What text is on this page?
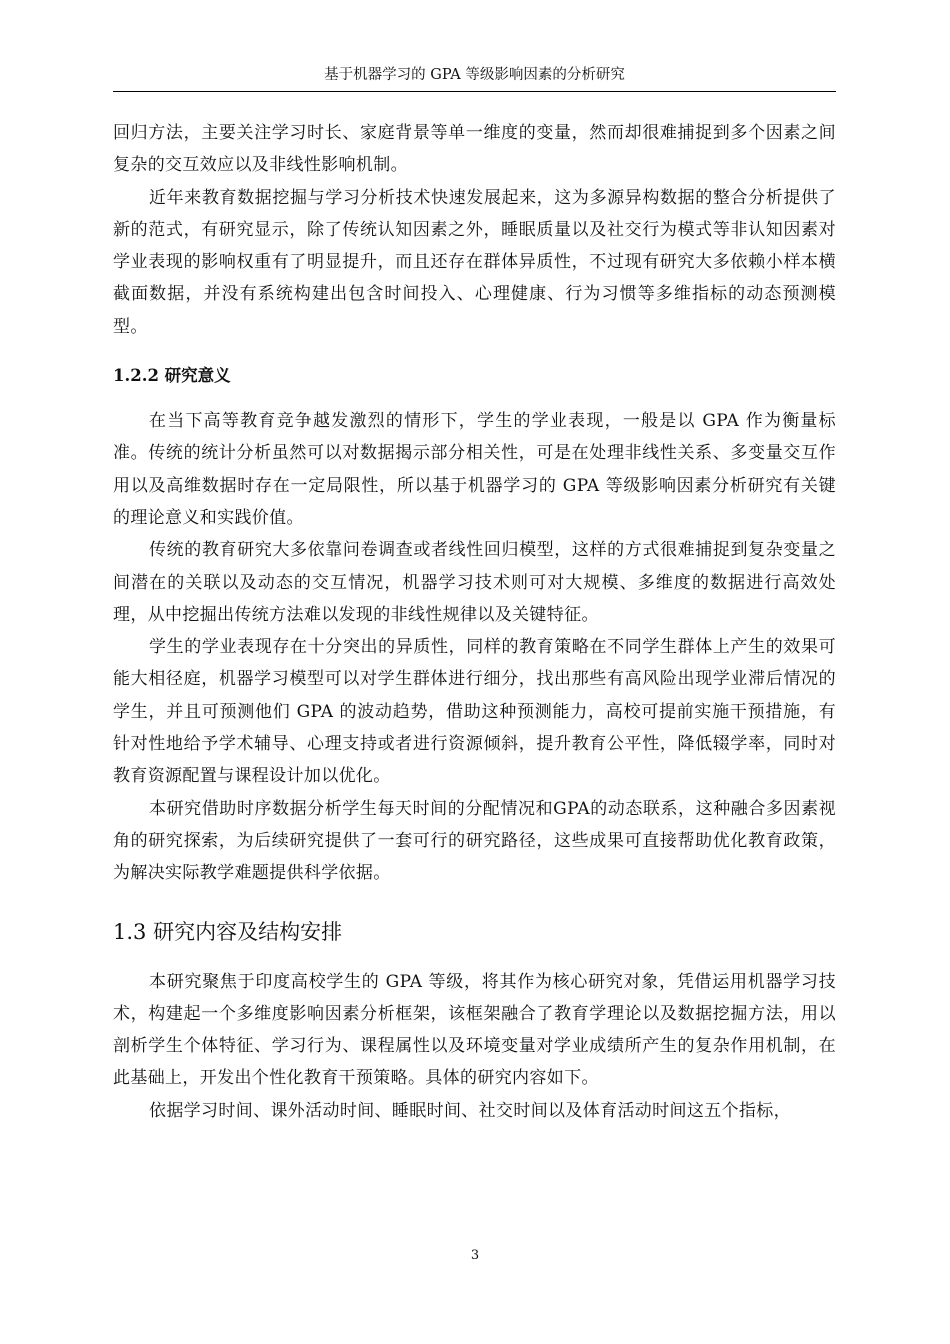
基于机器学习的 GPA 等级影响因素的分析研究

回归方法，主要关注学习时长、家庭背景等单一维度的变量，然而却很难捕捉到多个因素之间复杂的交互效应以及非线性影响机制。

近年来教育数据挖掘与学习分析技术快速发展起来，这为多源异构数据的整合分析提供了新的范式，有研究显示，除了传统认知因素之外，睡眠质量以及社交行为模式等非认知因素对学业表现的影响权重有了明显提升，而且还存在群体异质性，不过现有研究大多依赖小样本横截面数据，并没有系统构建出包含时间投入、心理健康、行为习惯等多维指标的动态预测模型。

1.2.2 研究意义

在当下高等教育竞争越发激烈的情形下，学生的学业表现，一般是以 GPA 作为衡量标准。传统的统计分析虽然可以对数据揭示部分相关性，可是在处理非线性关系、多变量交互作用以及高维数据时存在一定局限性，所以基于机器学习的 GPA 等级影响因素分析研究有关键的理论意义和实践价值。

传统的教育研究大多依靠问卷调查或者线性回归模型，这样的方式很难捕捉到复杂变量之间潜在的关联以及动态的交互情况，机器学习技术则可对大规模、多维度的数据进行高效处理，从中挖掘出传统方法难以发现的非线性规律以及关键特征。

学生的学业表现存在十分突出的异质性，同样的教育策略在不同学生群体上产生的效果可能大相径庭，机器学习模型可以对学生群体进行细分，找出那些有高风险出现学业滞后情况的学生，并且可预测他们 GPA 的波动趋势，借助这种预测能力，高校可提前实施干预措施，有针对性地给予学术辅导、心理支持或者进行资源倾斜，提升教育公平性，降低辍学率，同时对教育资源配置与课程设计加以优化。

本研究借助时序数据分析学生每天时间的分配情况和GPA的动态联系，这种融合多因素视角的研究探索，为后续研究提供了一套可行的研究路径，这些成果可直接帮助优化教育政策，为解决实际教学难题提供科学依据。

1.3 研究内容及结构安排

本研究聚焦于印度高校学生的 GPA 等级，将其作为核心研究对象，凭借运用机器学习技术，构建起一个多维度影响因素分析框架，该框架融合了教育学理论以及数据挖掘方法，用以剖析学生个体特征、学习行为、课程属性以及环境变量对学业成绩所产生的复杂作用机制，在此基础上，开发出个性化教育干预策略。具体的研究内容如下。

依据学习时间、课外活动时间、睡眠时间、社交时间以及体育活动时间这五个指标，

3
